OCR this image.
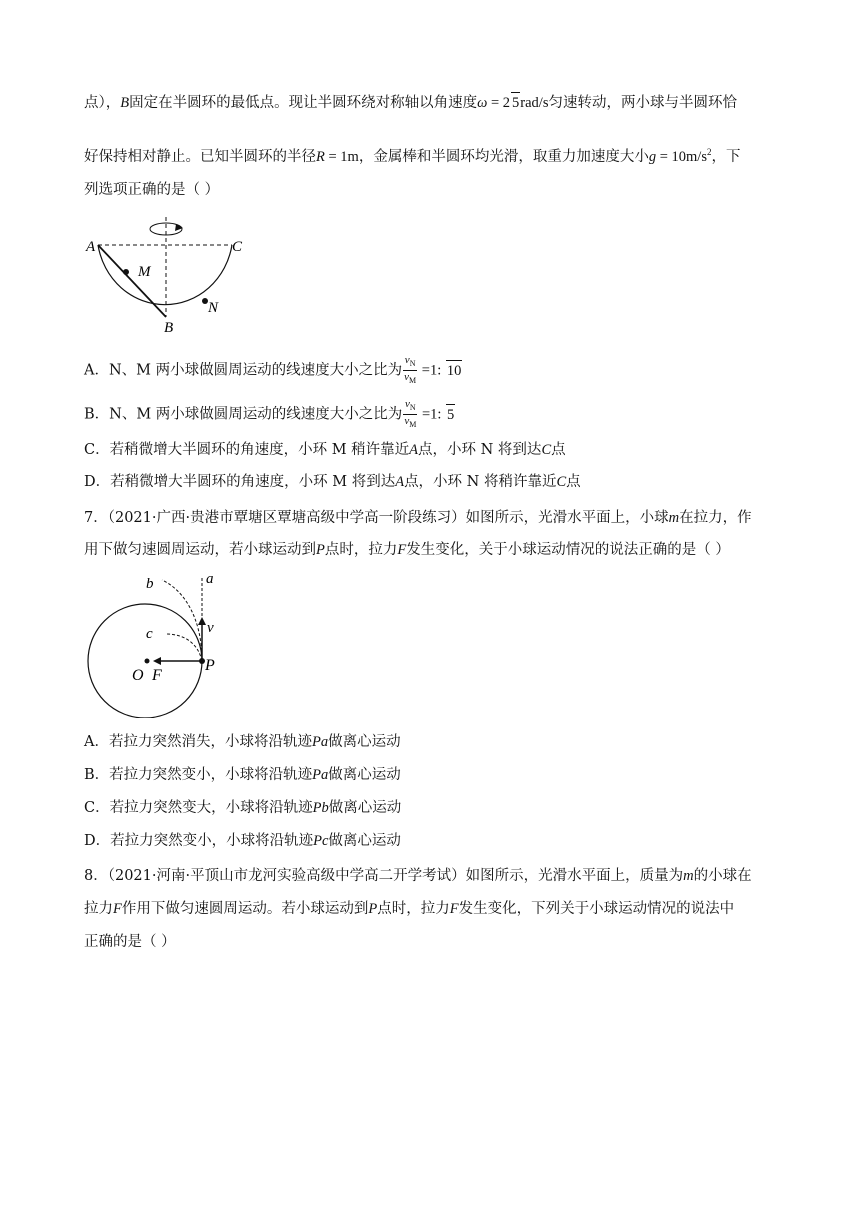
点），B固定在半圆环的最低点。现让半圆环绕对称轴以角速度ω = 2 5rad/s匀速转动，两小球与半圆环恰
好保持相对静止。已知半圆环的半径R = 1m，金属棒和半圆环均光滑，取重力加速度大小$g = 10m/s^2$，下
列选项正确的是（ ）
A	C
M
B
N
A．N、M 两小球做圆周运动的线速度大小之比为 $\frac{v_N}{v_M} =1$: 10
B．N、M 两小球做圆周运动的线速度大小之比为 $\frac{v_N}{v_M} =1$: 5
C．若稍微增大半圆环的角速度，小环 M 稍许靠近A点，小环 N 将到达C点
D．若稍微增大半圆环的角速度，小环 M 将到达A点，小环 N 将稍许靠近C点
7．（2021·广西·贵港市覃塘区覃塘高级中学高一阶段练习）如图所示，光滑水平面上，小球m在拉力，作
用下做匀速圆周运动，若小球运动到P点时，拉力F发生变化，关于小球运动情况的说法正确的是（ ）
a
b
c	v
O F
P
A．若拉力突然消失，小球将沿轨迹Pa做离心运动
B．若拉力突然变小，小球将沿轨迹Pa做离心运动
C．若拉力突然变大，小球将沿轨迹Pb做离心运动
D．若拉力突然变小，小球将沿轨迹Pc做离心运动
8．（2021·河南·平顶山市龙河实验高级中学高二开学考试）如图所示，光滑水平面上，质量为m的小球在
拉力F作用下做匀速圆周运动。若小球运动到P点时，拉力F发生变化，下列关于小球运动情况的说法中
正确的是（ ）
